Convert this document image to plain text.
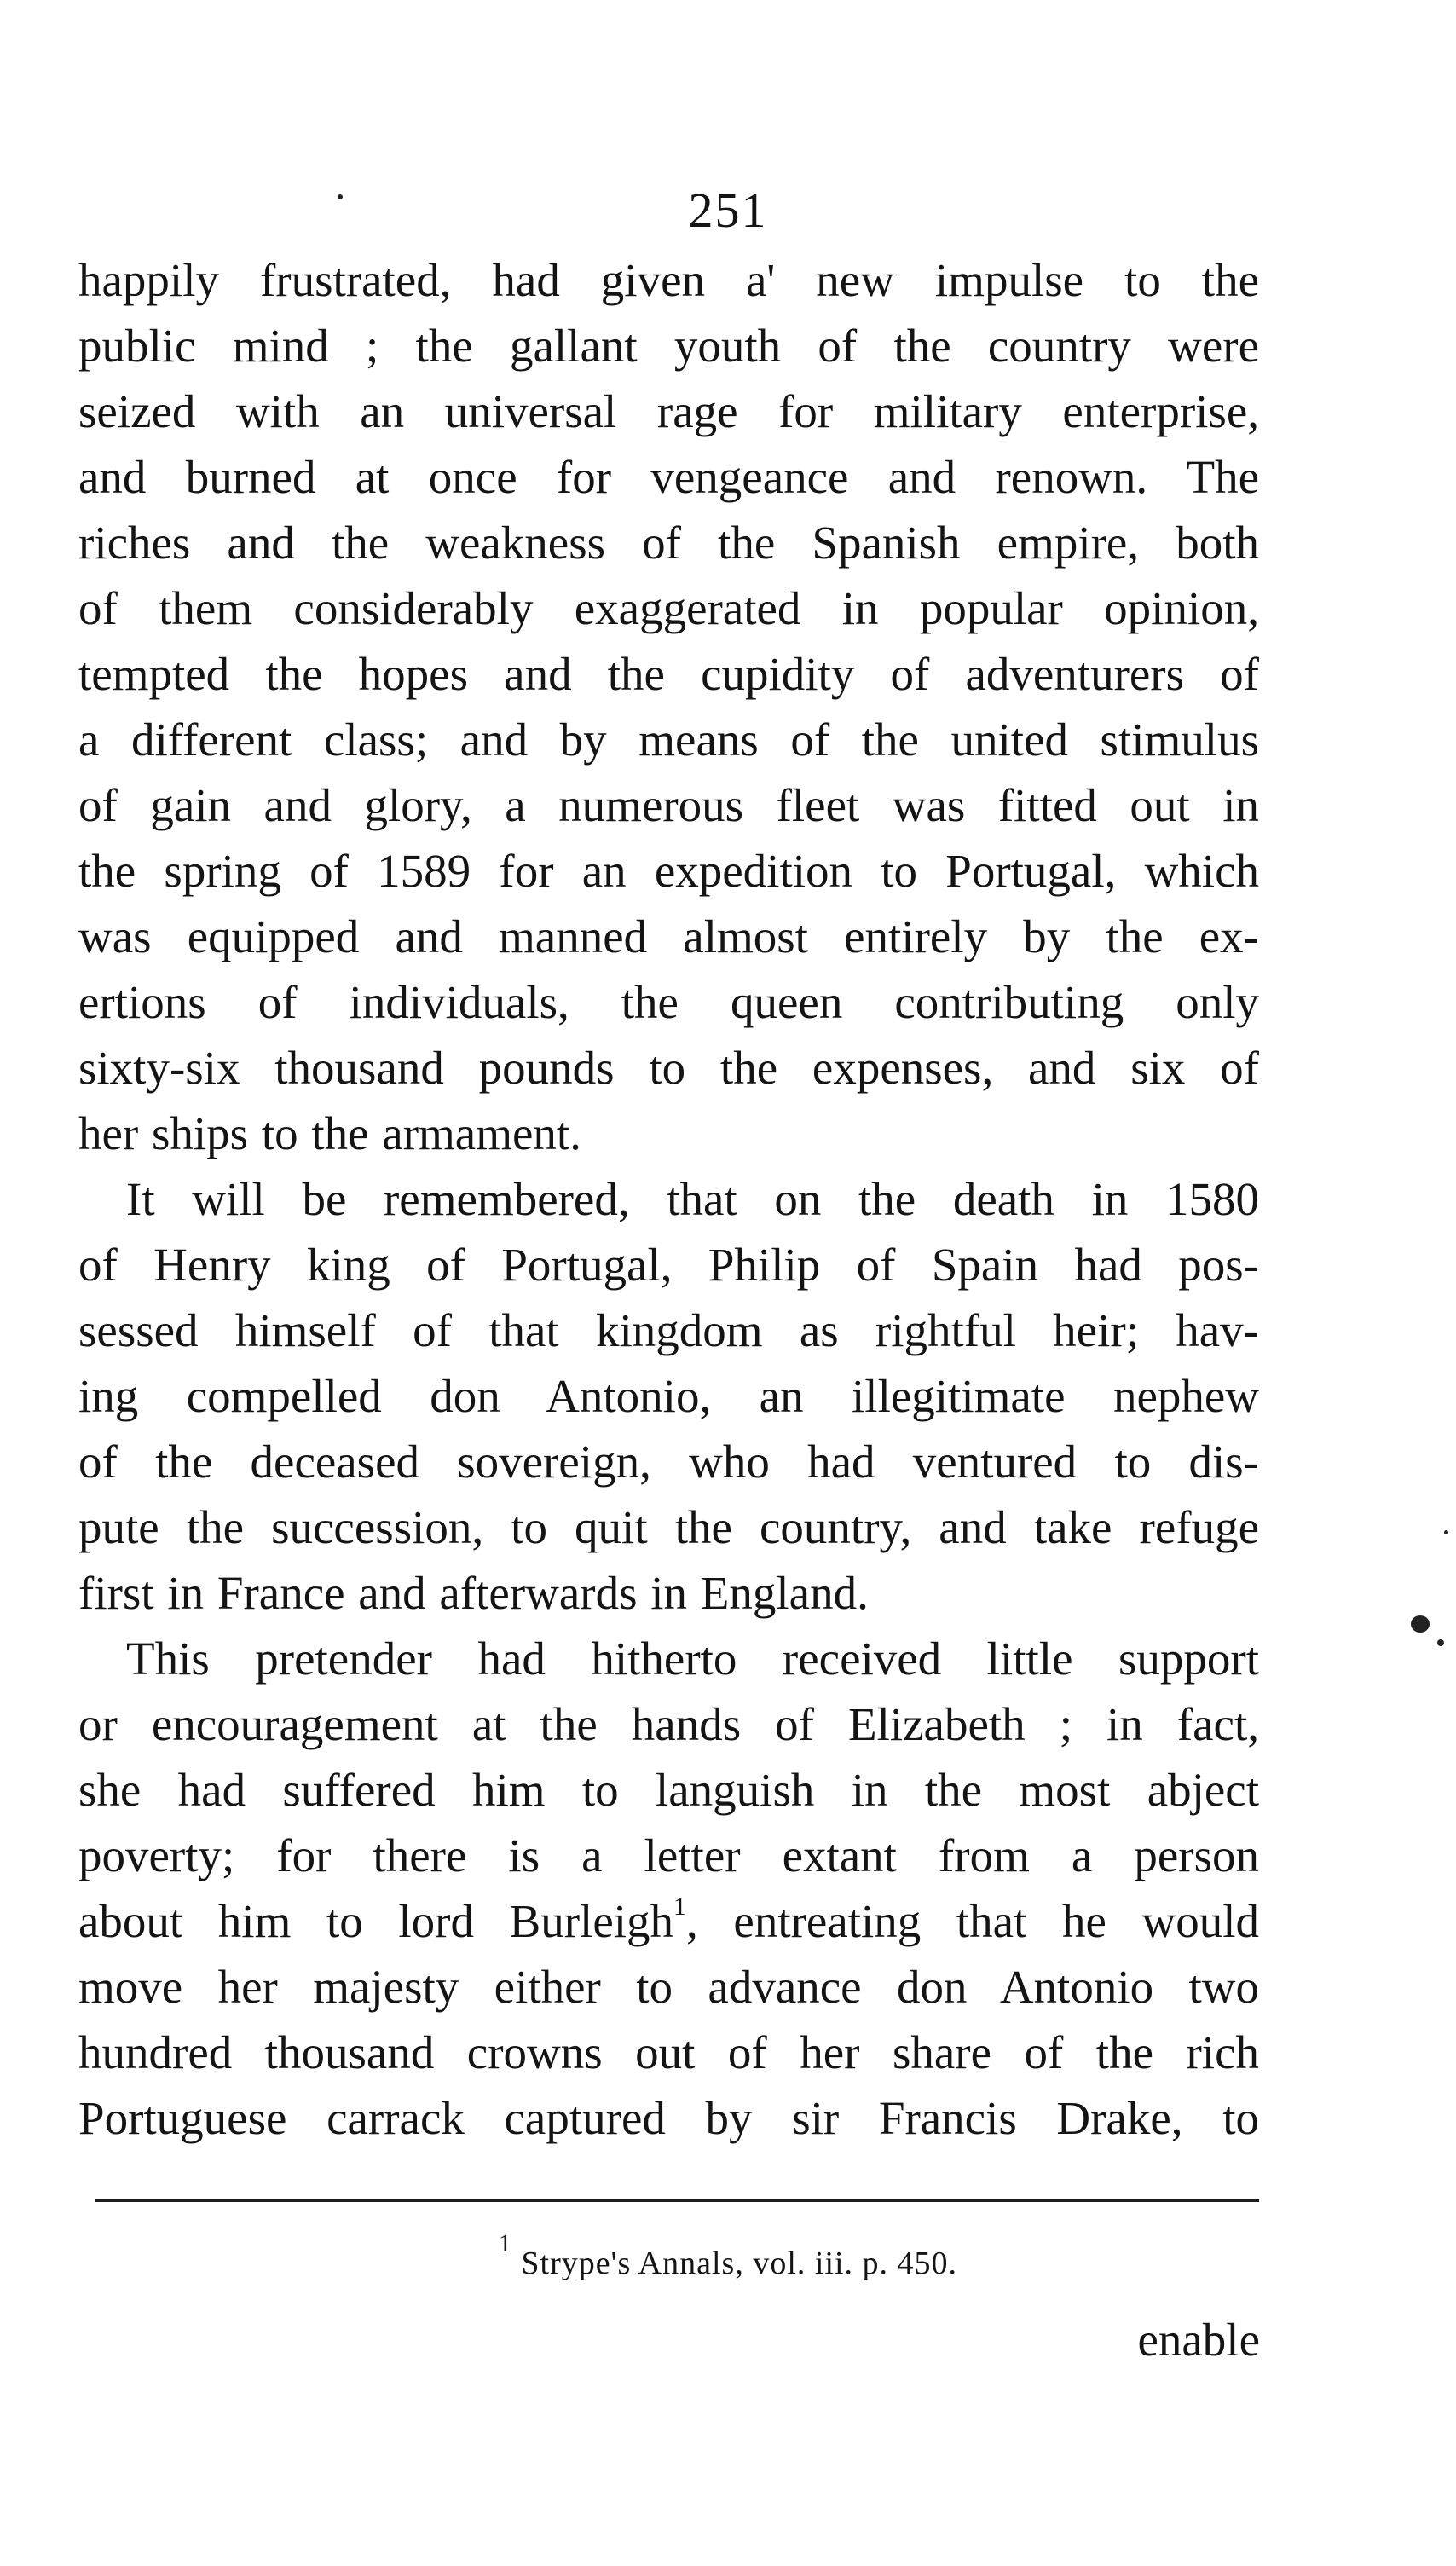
251
happily frustrated, had given a' new impulse to the
public mind ; the gallant youth of the country were
seized with an universal rage for military enterprise,
and burned at once for vengeance and renown. The
riches and the weakness of the Spanish empire, both
of them considerably exaggerated in popular opinion,
tempted the hopes and the cupidity of adventurers of
a different class; and by means of the united stimulus
of gain and glory, a numerous fleet was fitted out in
the spring of 1589 for an expedition to Portugal, which
was equipped and manned almost entirely by the ex-
ertions of individuals, the queen contributing only
sixty-six thousand pounds to the expenses, and six of
her ships to the armament.
It will be remembered, that on the death in 1580
of Henry king of Portugal, Philip of Spain had pos-
sessed himself of that kingdom as rightful heir; hav-
ing compelled don Antonio, an illegitimate nephew
of the deceased sovereign, who had ventured to dis-
pute the succession, to quit the country, and take refuge
first in France and afterwards in England.
This pretender had hitherto received little support
or encouragement at the hands of Elizabeth ; in fact,
she had suffered him to languish in the most abject
poverty; for there is a letter extant from a person
about him to lord Burleigh$^1$, entreating that he would
move her majesty either to advance don Antonio two
hundred thousand crowns out of her share of the rich
Portuguese carrack captured by sir Francis Drake, to
$^1$ Strype's Annals, vol. iii. p. 450.
enable
